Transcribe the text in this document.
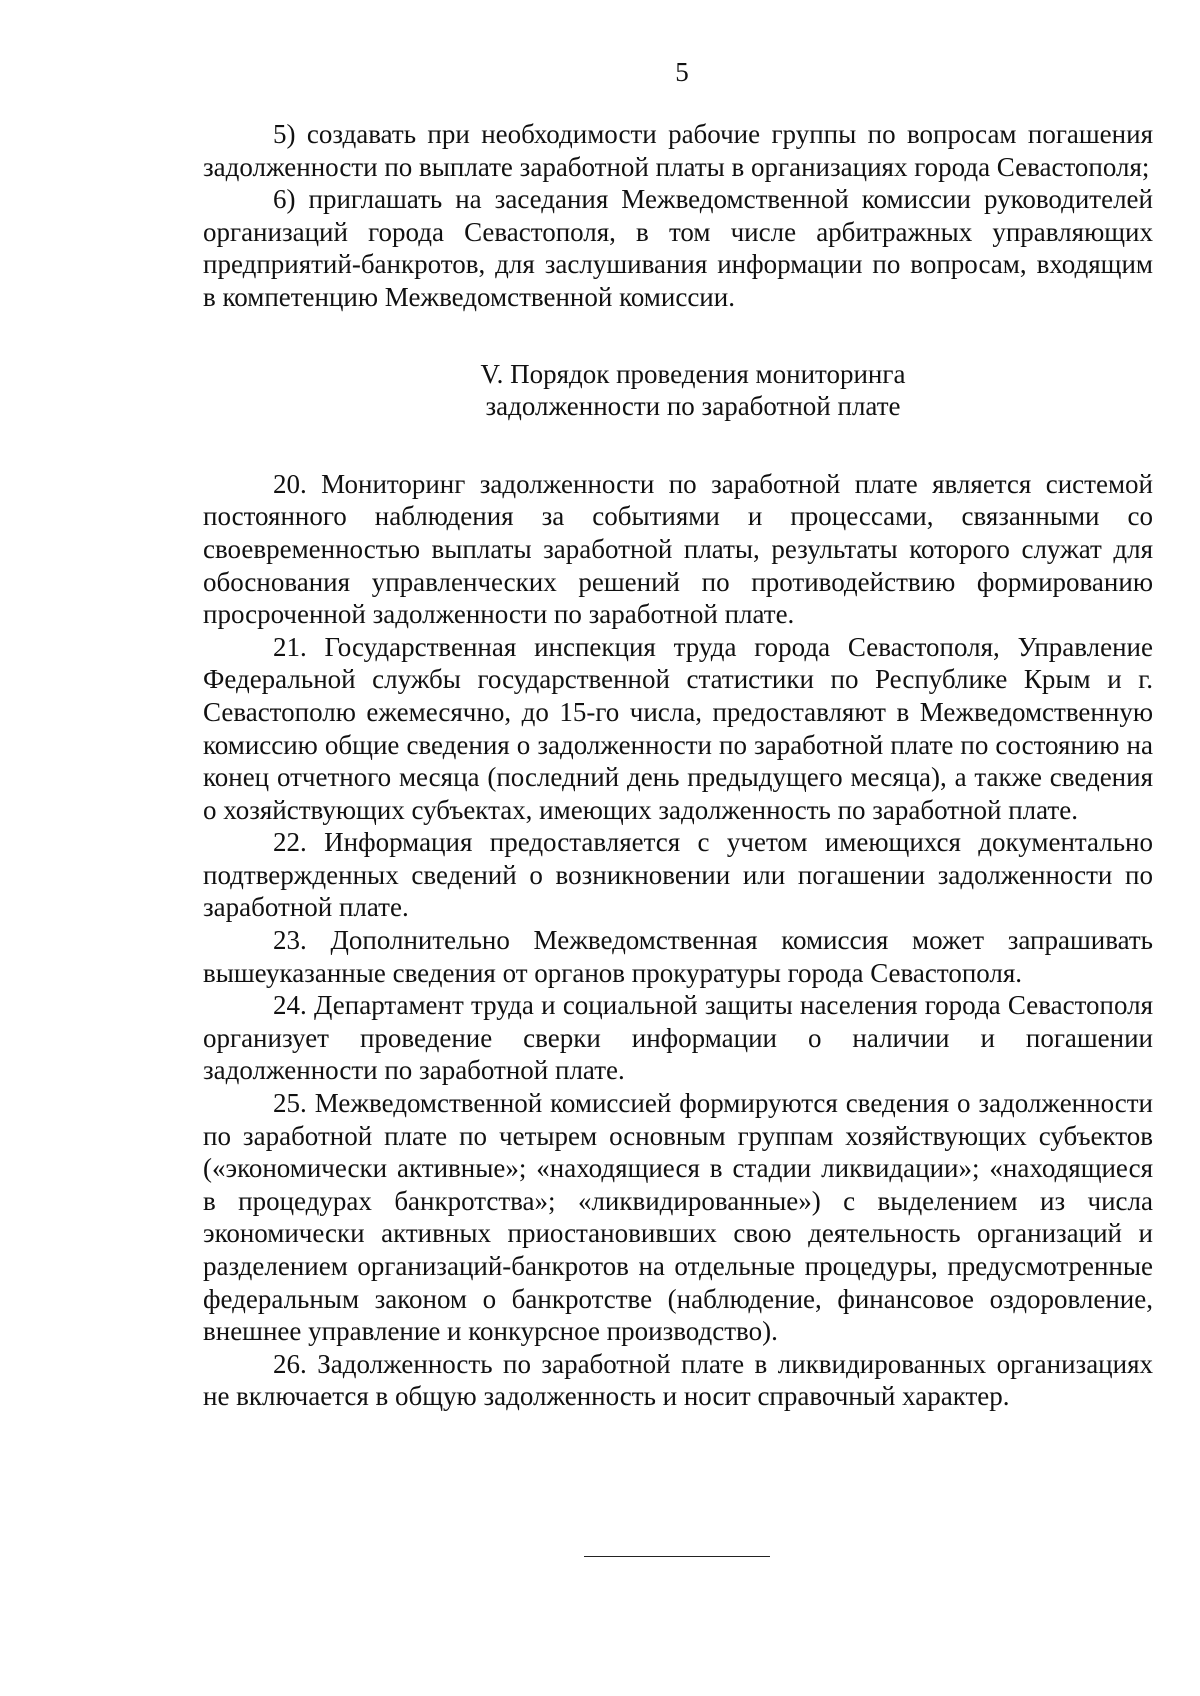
5

5) создавать при необходимости рабочие группы по вопросам погашения задолженности по выплате заработной платы в организациях города Севастополя;

6) приглашать на заседания Межведомственной комиссии руководителей организаций города Севастополя, в том числе арбитражных управляющих предприятий-банкротов, для заслушивания информации по вопросам, входящим в компетенцию Межведомственной комиссии.

V. Порядок проведения мониторинга
задолженности по заработной плате

20. Мониторинг задолженности по заработной плате является системой постоянного наблюдения за событиями и процессами, связанными со своевременностью выплаты заработной платы, результаты которого служат для обоснования управленческих решений по противодействию формированию просроченной задолженности по заработной плате.

21. Государственная инспекция труда города Севастополя, Управление Федеральной службы государственной статистики по Республике Крым и г. Севастополю ежемесячно, до 15-го числа, предоставляют в Межведомственную комиссию общие сведения о задолженности по заработной плате по состоянию на конец отчетного месяца (последний день предыдущего месяца), а также сведения о хозяйствующих субъектах, имеющих задолженность по заработной плате.

22. Информация предоставляется с учетом имеющихся документально подтвержденных сведений о возникновении или погашении задолженности по заработной плате.

23. Дополнительно Межведомственная комиссия может запрашивать вышеуказанные сведения от органов прокуратуры города Севастополя.

24. Департамент труда и социальной защиты населения города Севастополя организует проведение сверки информации о наличии и погашении задолженности по заработной плате.

25. Межведомственной комиссией формируются сведения о задолженности по заработной плате по четырем основным группам хозяйствующих субъектов («экономически активные»; «находящиеся в стадии ликвидации»; «находящиеся в процедурах банкротства»; «ликвидированные») с выделением из числа экономически активных приостановивших свою деятельность организаций и разделением организаций-банкротов на отдельные процедуры, предусмотренные федеральным законом о банкротстве (наблюдение, финансовое оздоровление, внешнее управление и конкурсное производство).

26. Задолженность по заработной плате в ликвидированных организациях не включается в общую задолженность и носит справочный характер.
